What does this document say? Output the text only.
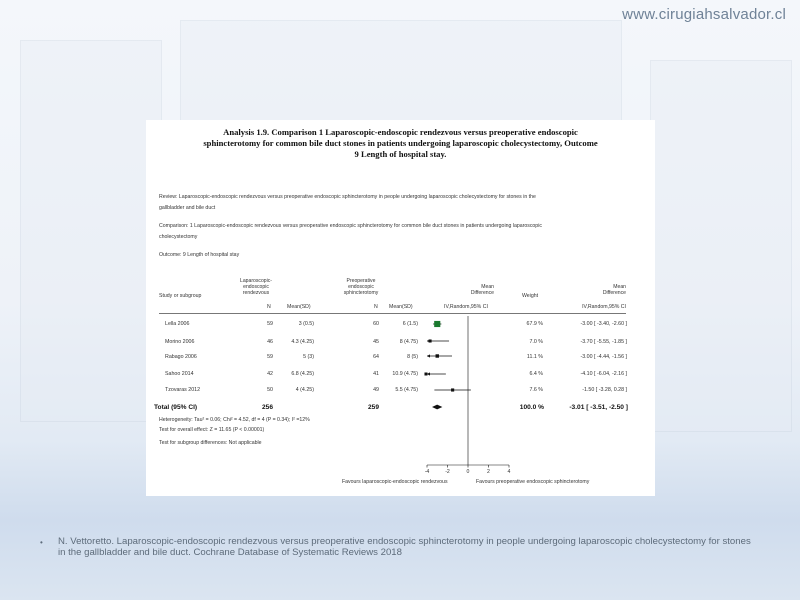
www.cirugiahsalvador.cl
Analysis 1.9. Comparison 1 Laparoscopic-endoscopic rendezvous versus preoperative endoscopic
sphincterotomy for common bile duct stones in patients undergoing laparoscopic cholecystectomy, Outcome
9 Length of hospital stay.
Review: Laparoscopic-endoscopic rendezvous versus preoperative endoscopic sphincterotomy in people undergoing laparoscopic cholecystectomy for stones in the
gallbladder and bile duct
Comparison: 1 Laparoscopic-endoscopic rendezvous versus preoperative endoscopic sphincterotomy for common bile duct stones in patients undergoing laparoscopic
cholecystectomy
Outcome: 9 Length of hospital stay
Laparoscopic-
endoscopic
rendezvous
Preoperative
endoscopic
sphincterotomy
Mean
Difference
Mean
Difference
Study or subgroup	Weight
N	Mean(SD)	N Mean(SD)	IV,Random,95% CI	IV,Random,95% CI
Lella 2006	59	3 (0.5)	60	6 (1.5)	67.9 %	-3.00 [ -3.40, -2.60 ]
Morino 2006	46	4.3 (4.25)	45	8 (4.75)	7.0 %	-3.70 [ -5.55, -1.85 ]
Rabago 2006	59	5 (3)	64	8 (5)	11.1 %	-3.00 [ -4.44, -1.56 ]
Sahoo 2014	42	6.8 (4.25)	41	10.9 (4.75)	6.4 %	-4.10 [ -6.04, -2.16 ]
Tzovaras 2012	50	4 (4.25)	49	5.5 (4.75)	7.6 %	-1.50 [ -3.28, 0.28 ]
Total (95% CI)	256	259	100.0 %	-3.01 [ -3.51, -2.50 ]
Heterogeneity: Tau² = 0.06; Chi² = 4.52, df = 4 (P = 0.34); I² =12%
Test for overall effect: Z = 11.65 (P < 0.00001)
Test for subgroup differences: Not applicable
-4	-2	0	2	4
Favours laparoscopic-endoscopic rendezvous	Favours preoperative endoscopic sphincterotomy
• N. Vettoretto. Laparoscopic-endoscopic rendezvous versus preoperative endoscopic sphincterotomy in people undergoing laparoscopic cholecystectomy for stones in the gallbladder and bile duct. Cochrane Database of Systematic Reviews 2018
